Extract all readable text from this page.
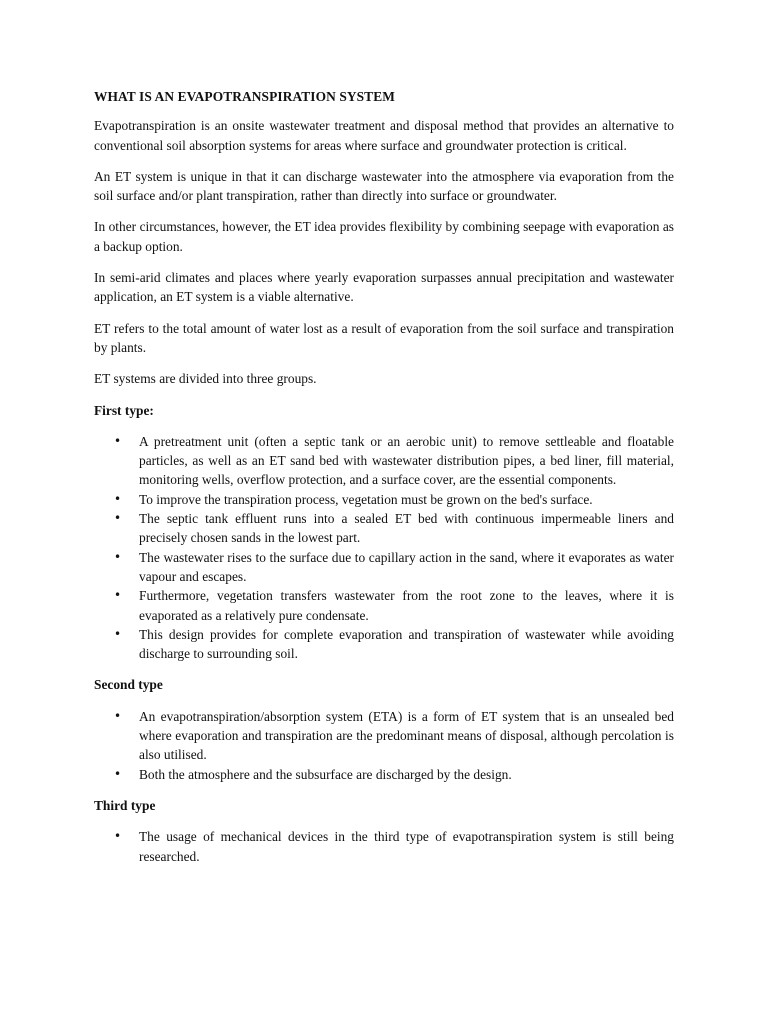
WHAT IS AN EVAPOTRANSPIRATION SYSTEM
Evapotranspiration is an onsite wastewater treatment and disposal method that provides an alternative to conventional soil absorption systems for areas where surface and groundwater protection is critical.
An ET system is unique in that it can discharge wastewater into the atmosphere via evaporation from the soil surface and/or plant transpiration, rather than directly into surface or groundwater.
In other circumstances, however, the ET idea provides flexibility by combining seepage with evaporation as a backup option.
In semi-arid climates and places where yearly evaporation surpasses annual precipitation and wastewater application, an ET system is a viable alternative.
ET refers to the total amount of water lost as a result of evaporation from the soil surface and transpiration by plants.
ET systems are divided into three groups.
First type:
•	A pretreatment unit (often a septic tank or an aerobic unit) to remove settleable and floatable particles, as well as an ET sand bed with wastewater distribution pipes, a bed liner, fill material, monitoring wells, overflow protection, and a surface cover, are the essential components.
•	To improve the transpiration process, vegetation must be grown on the bed's surface.
•	The septic tank effluent runs into a sealed ET bed with continuous impermeable liners and precisely chosen sands in the lowest part.
•	The wastewater rises to the surface due to capillary action in the sand, where it evaporates as water vapour and escapes.
•	Furthermore, vegetation transfers wastewater from the root zone to the leaves, where it is evaporated as a relatively pure condensate.
•	This design provides for complete evaporation and transpiration of wastewater while avoiding discharge to surrounding soil.
Second type
•	An evapotranspiration/absorption system (ETA) is a form of ET system that is an unsealed bed where evaporation and transpiration are the predominant means of disposal, although percolation is also utilised.
•	Both the atmosphere and the subsurface are discharged by the design.
Third type
•	The usage of mechanical devices in the third type of evapotranspiration system is still being researched.
